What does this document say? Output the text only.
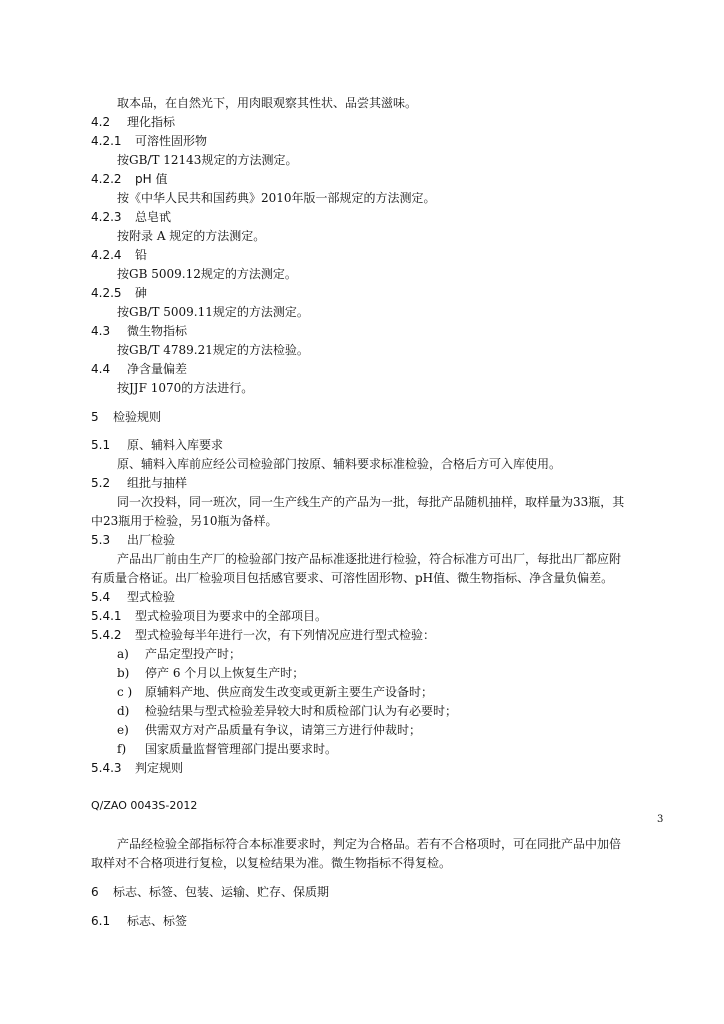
取本品，在自然光下，用肉眼观察其性状、品尝其滋味。
4.2 理化指标
4.2.1 可溶性固形物
按GB/T 12143规定的方法测定。
4.2.2 pH 值
按《中华人民共和国药典》2010年版一部规定的方法测定。
4.2.3 总皂甙
按附录 A 规定的方法测定。
4.2.4 铅
按GB 5009.12规定的方法测定。
4.2.5 砷
按GB/T 5009.11规定的方法测定。
4.3 微生物指标
按GB/T 4789.21规定的方法检验。
4.4 净含量偏差
按JJF 1070的方法进行。
5 检验规则
5.1 原、辅料入库要求
原、辅料入库前应经公司检验部门按原、辅料要求标准检验，合格后方可入库使用。
5.2 组批与抽样
同一次投料，同一班次，同一生产线生产的产品为一批，每批产品随机抽样，取样量为33瓶，其
中23瓶用于检验，另10瓶为备样。
5.3 出厂检验
产品出厂前由生产厂的检验部门按产品标准逐批进行检验，符合标准方可出厂，每批出厂都应附
有质量合格证。出厂检验项目包括感官要求、可溶性固形物、pH值、微生物指标、净含量负偏差。
5.4 型式检验
5.4.1 型式检验项目为要求中的全部项目。
5.4.2 型式检验每半年进行一次，有下列情况应进行型式检验：
a) 产品定型投产时；
b) 停产 6 个月以上恢复生产时；
c ) 原辅料产地、供应商发生改变或更新主要生产设备时；
d) 检验结果与型式检验差异较大时和质检部门认为有必要时；
e) 供需双方对产品质量有争议，请第三方进行仲裁时；
f) 国家质量监督管理部门提出要求时。
5.4.3 判定规则
Q/ZAO 0043S-2012
3
产品经检验全部指标符合本标准要求时，判定为合格品。若有不合格项时，可在同批产品中加倍
取样对不合格项进行复检，以复检结果为准。微生物指标不得复检。
6 标志、标签、包装、运输、贮存、保质期
6.1 标志、标签
